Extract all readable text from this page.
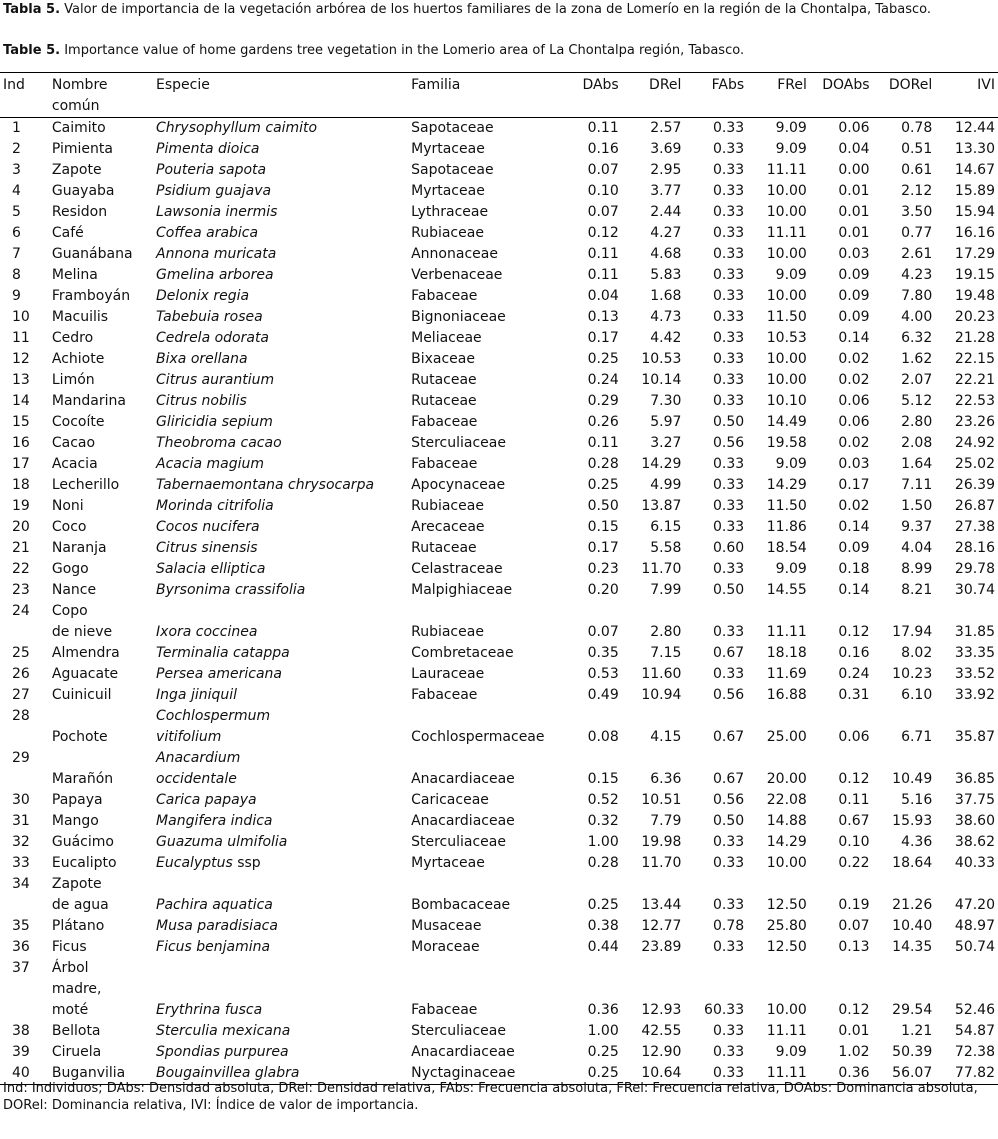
Tabla 5. Valor de importancia de la vegetación arbórea de los huertos familiares de la zona de Lomerío en la región de la Chontalpa, Tabasco.
Table 5. Importance value of home gardens tree vegetation in the Lomerio area of La Chontalpa región, Tabasco.
Ind	Nombre común	Especie	Familia	DAbs	DRel	FAbs	FRel	DOAbs	DORel	IVI
1	Caimito	Chrysophyllum caimito	Sapotaceae	0.11	2.57	0.33	9.09	0.06	0.78	12.44
2	Pimienta	Pimenta dioica	Myrtaceae	0.16	3.69	0.33	9.09	0.04	0.51	13.30
3	Zapote	Pouteria sapota	Sapotaceae	0.07	2.95	0.33	11.11	0.00	0.61	14.67
4	Guayaba	Psidium guajava	Myrtaceae	0.10	3.77	0.33	10.00	0.01	2.12	15.89
5	Residon	Lawsonia inermis	Lythraceae	0.07	2.44	0.33	10.00	0.01	3.50	15.94
6	Café	Coffea arabica	Rubiaceae	0.12	4.27	0.33	11.11	0.01	0.77	16.16
7	Guanábana	Annona muricata	Annonaceae	0.11	4.68	0.33	10.00	0.03	2.61	17.29
8	Melina	Gmelina arborea	Verbenaceae	0.11	5.83	0.33	9.09	0.09	4.23	19.15
9	Framboyán	Delonix regia	Fabaceae	0.04	1.68	0.33	10.00	0.09	7.80	19.48
10	Macuilis	Tabebuia rosea	Bignoniaceae	0.13	4.73	0.33	11.50	0.09	4.00	20.23
11	Cedro	Cedrela odorata	Meliaceae	0.17	4.42	0.33	10.53	0.14	6.32	21.28
12	Achiote	Bixa orellana	Bixaceae	0.25	10.53	0.33	10.00	0.02	1.62	22.15
13	Limón	Citrus aurantium	Rutaceae	0.24	10.14	0.33	10.00	0.02	2.07	22.21
14	Mandarina	Citrus nobilis	Rutaceae	0.29	7.30	0.33	10.10	0.06	5.12	22.53
15	Cocoíte	Gliricidia sepium	Fabaceae	0.26	5.97	0.50	14.49	0.06	2.80	23.26
16	Cacao	Theobroma cacao	Sterculiaceae	0.11	3.27	0.56	19.58	0.02	2.08	24.92
17	Acacia	Acacia magium	Fabaceae	0.28	14.29	0.33	9.09	0.03	1.64	25.02
18	Lecherillo	Tabernaemontana chrysocarpa	Apocynaceae	0.25	4.99	0.33	14.29	0.17	7.11	26.39
19	Noni	Morinda citrifolia	Rubiaceae	0.50	13.87	0.33	11.50	0.02	1.50	26.87
20	Coco	Cocos nucifera	Arecaceae	0.15	6.15	0.33	11.86	0.14	9.37	27.38
21	Naranja	Citrus sinensis	Rutaceae	0.17	5.58	0.60	18.54	0.09	4.04	28.16
22	Gogo	Salacia elliptica	Celastraceae	0.23	11.70	0.33	9.09	0.18	8.99	29.78
23	Nance	Byrsonima crassifolia	Malpighiaceae	0.20	7.99	0.50	14.55	0.14	8.21	30.74
24	Copo
de nieve	Ixora coccinea	Rubiaceae	0.07	2.80	0.33	11.11	0.12	17.94	31.85
25	Almendra	Terminalia catappa	Combretaceae	0.35	7.15	0.67	18.18	0.16	8.02	33.35
26	Aguacate	Persea americana	Lauraceae	0.53	11.60	0.33	11.69	0.24	10.23	33.52
27	Cuinicuil	Inga jiniquil	Fabaceae	0.49	10.94	0.56	16.88	0.31	6.10	33.92
28	Pochote	Cochlospermum
vitifolium	Cochlospermaceae	0.08	4.15	0.67	25.00	0.06	6.71	35.87
29	Marañón	Anacardium
occidentale	Anacardiaceae	0.15	6.36	0.67	20.00	0.12	10.49	36.85
30	Papaya	Carica papaya	Caricaceae	0.52	10.51	0.56	22.08	0.11	5.16	37.75
31	Mango	Mangifera indica	Anacardiaceae	0.32	7.79	0.50	14.88	0.67	15.93	38.60
32	Guácimo	Guazuma ulmifolia	Sterculiaceae	1.00	19.98	0.33	14.29	0.10	4.36	38.62
33	Eucalipto	Eucalyptus ssp	Myrtaceae	0.28	11.70	0.33	10.00	0.22	18.64	40.33
34	Zapote
de agua	Pachira aquatica	Bombacaceae	0.25	13.44	0.33	12.50	0.19	21.26	47.20
35	Plátano	Musa paradisiaca	Musaceae	0.38	12.77	0.78	25.80	0.07	10.40	48.97
36	Ficus	Ficus benjamina	Moraceae	0.44	23.89	0.33	12.50	0.13	14.35	50.74
37	Árbol
madre,
moté	Erythrina fusca	Fabaceae	0.36	12.93	60.33	10.00	0.12	29.54	52.46
38	Bellota	Sterculia mexicana	Sterculiaceae	1.00	42.55	0.33	11.11	0.01	1.21	54.87
39	Ciruela	Spondias purpurea	Anacardiaceae	0.25	12.90	0.33	9.09	1.02	50.39	72.38
40	Buganvilia	Bougainvillea glabra	Nyctaginaceae	0.25	10.64	0.33	11.11	0.36	56.07	77.82
Ind: Individuos; DAbs: Densidad absoluta, DRel: Densidad relativa, FAbs: Frecuencia absoluta, FRel: Frecuencia relativa, DOAbs: Dominancia absoluta, DORel: Dominancia relativa, IVI: Índice de valor de importancia.
